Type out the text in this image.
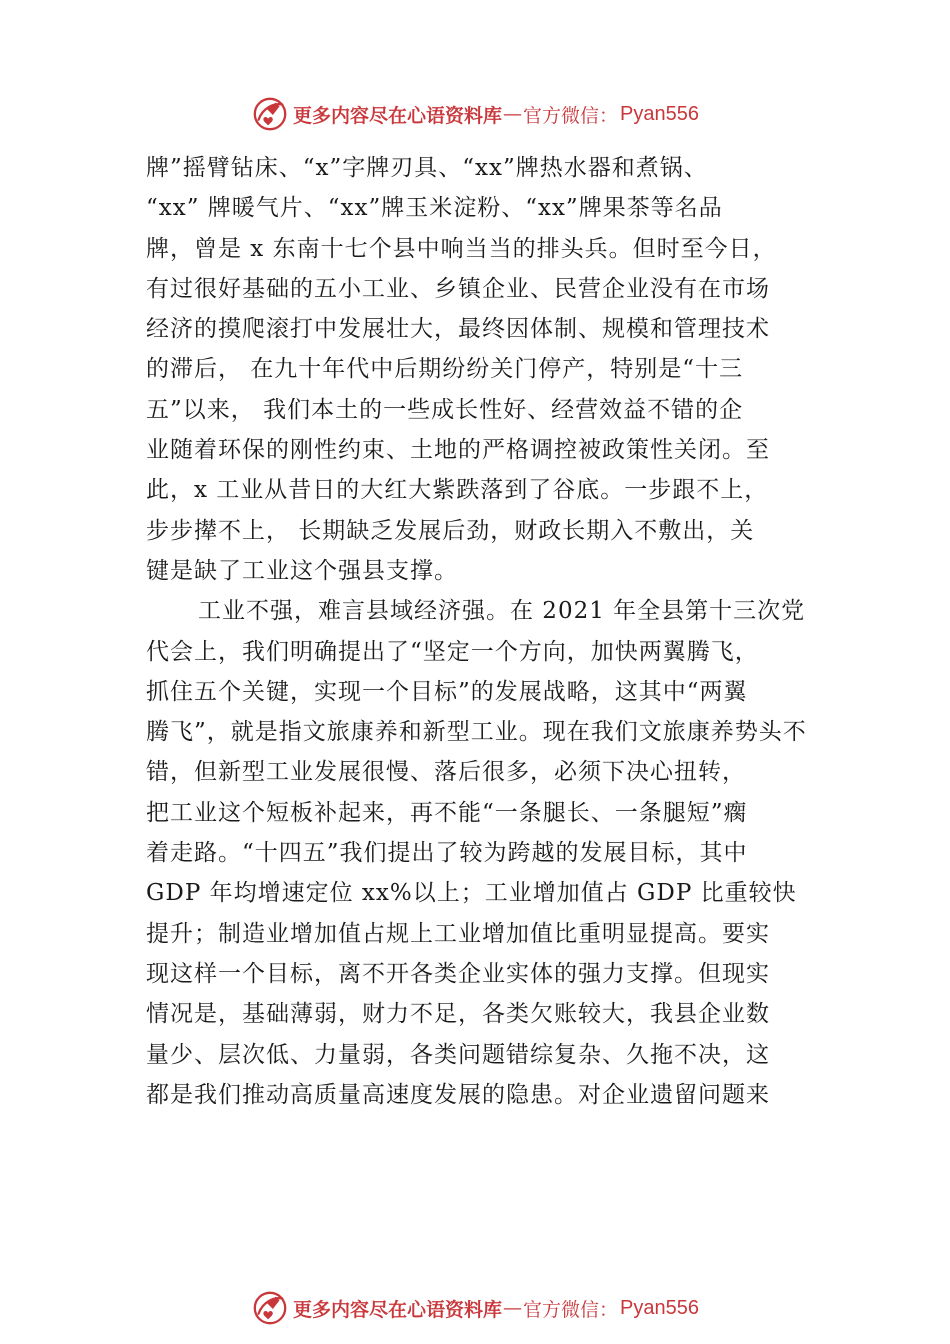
更多内容尽在心语资料库 — 官方微信： Pyan556
牌”摇臂钻床、“x”字牌刃具、“xx”牌热水器和煮锅、
“xx” 牌暖气片、“xx”牌玉米淀粉、“xx”牌果茶等名品
牌，曾是 x 东南十七个县中响当当的排头兵。但时至今日，
有过很好基础的五小工业、乡镇企业、民营企业没有在市场
经济的摸爬滚打中发展壮大，最终因体制、规模和管理技术
的滞后， 在九十年代中后期纷纷关门停产，特别是“十三
五”以来， 我们本土的一些成长性好、经营效益不错的企
业随着环保的刚性约束、土地的严格调控被政策性关闭。至
此，x 工业从昔日的大红大紫跌落到了谷底。一步跟不上，
步步撵不上， 长期缺乏发展后劲，财政长期入不敷出，关
键是缺了工业这个强县支撑。
工业不强，难言县域经济强。在 2021 年全县第十三次党
代会上，我们明确提出了“坚定一个方向，加快两翼腾飞，
抓住五个关键，实现一个目标”的发展战略，这其中“两翼
腾飞”，就是指文旅康养和新型工业。现在我们文旅康养势头不
错，但新型工业发展很慢、落后很多，必须下决心扭转，
把工业这个短板补起来，再不能“一条腿长、一条腿短”瘸
着走路。“十四五”我们提出了较为跨越的发展目标，其中
GDP 年均增速定位 xx%以上；工业增加值占 GDP 比重较快
提升；制造业增加值占规上工业增加值比重明显提高。要实
现这样一个目标，离不开各类企业实体的强力支撑。但现实
情况是，基础薄弱，财力不足，各类欠账较大，我县企业数
量少、层次低、力量弱，各类问题错综复杂、久拖不决，这
都是我们推动高质量高速度发展的隐患。对企业遗留问题来
更多内容尽在心语资料库 — 官方微信： Pyan556
